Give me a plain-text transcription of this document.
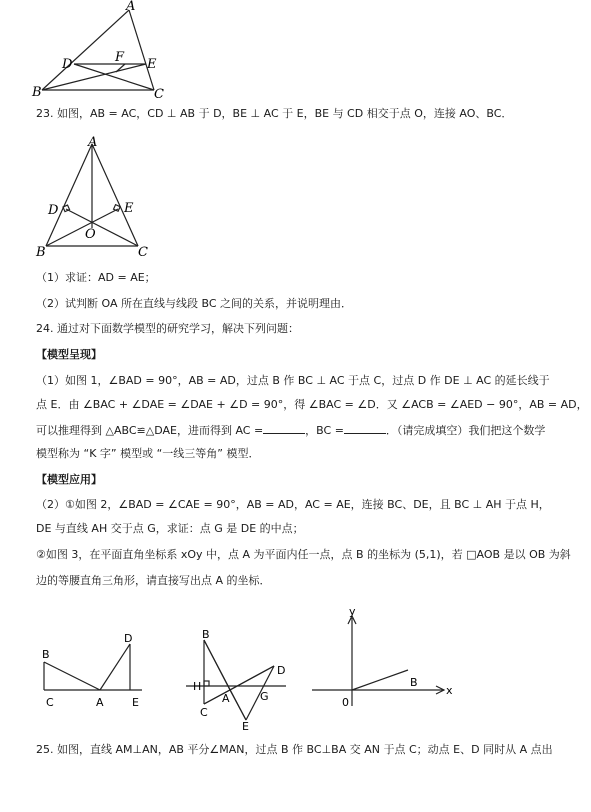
A
D	F E
B	C
23. 如图，AB = AC，CD ⊥ AB 于 D，BE ⊥ AC 于 E，BE 与 CD 相交于点 O，连接 AO、BC．
A
D	E
O
B	C
（1）求证：AD = AE；
（2）试判断 OA 所在直线与线段 BC 之间的关系，并说明理由．
24. 通过对下面数学模型的研究学习，解决下列问题：
【模型呈现】
（1）如图 1，∠BAD = 90°，AB = AD，过点 B 作 BC ⊥ AC 于点 C，过点 D 作 DE ⊥ AC 的延长线于
点 E．由 ∠BAC + ∠DAE = ∠DAE + ∠D = 90°，得 ∠BAC = ∠D．又 ∠ACB = ∠AED − 90°，AB = AD，
可以推理得到 △ABC≌△DAE，进而得到 AC =	，BC =	．（请完成填空）我们把这个数学
模型称为 “K 字” 模型或 “一线三等角” 模型．
【模型应用】
（2）①如图 2，∠BAD = ∠CAE = 90°，AB = AD，AC = AE，连接 BC、DE，且 BC ⊥ AH 于点 H，
DE 与直线 AH 交于点 G，求证：点 G 是 DE 的中点；
②如图 3，在平面直角坐标系 xOy 中，点 A 为平面内任一点，点 B 的坐标为 (5,1)，若 □AOB 是以 OB 为斜
边的等腰直角三角形，请直接写出点 A 的坐标．
B
D
C	A	E
B
D
H
A	G
C
E
y
B
x
0
25. 如图，直线 AM⊥AN，AB 平分∠MAN，过点 B 作 BC⊥BA 交 AN 于点 C；动点 E、D 同时从 A 点出
